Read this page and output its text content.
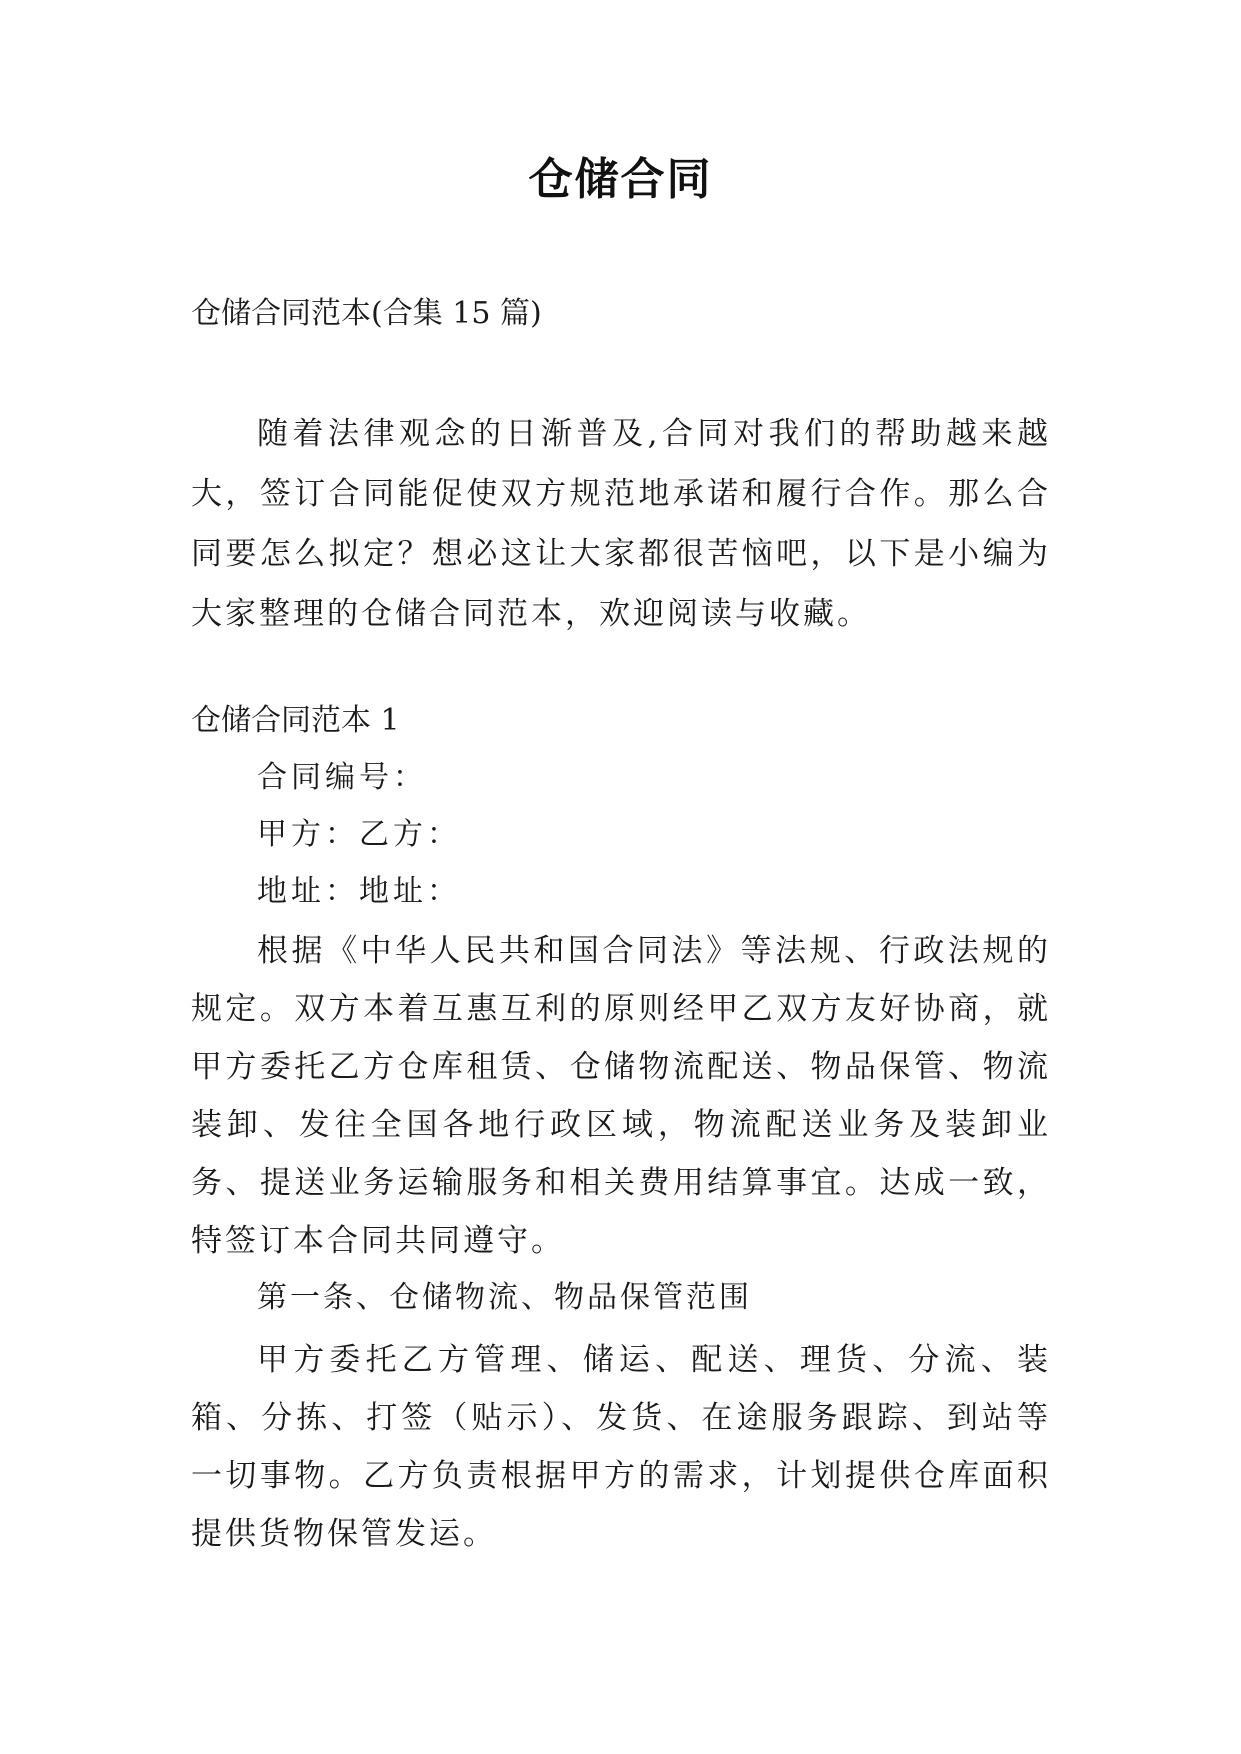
仓储合同
仓储合同范本(合集 15 篇)
随着法律观念的日渐普及,合同对我们的帮助越来越大，签订合同能促使双方规范地承诺和履行合作。那么合同要怎么拟定？想必这让大家都很苦恼吧，以下是小编为大家整理的仓储合同范本，欢迎阅读与收藏。
仓储合同范本 1
合同编号：
甲方：乙方：
地址：地址：
根据《中华人民共和国合同法》等法规、行政法规的规定。双方本着互惠互利的原则经甲乙双方友好协商，就甲方委托乙方仓库租赁、仓储物流配送、物品保管、物流装卸、发往全国各地行政区域，物流配送业务及装卸业务、提送业务运输服务和相关费用结算事宜。达成一致，特签订本合同共同遵守。
第一条、仓储物流、物品保管范围
甲方委托乙方管理、储运、配送、理货、分流、装箱、分拣、打签（贴示）、发货、在途服务跟踪、到站等一切事物。乙方负责根据甲方的需求，计划提供仓库面积提供货物保管发运。
